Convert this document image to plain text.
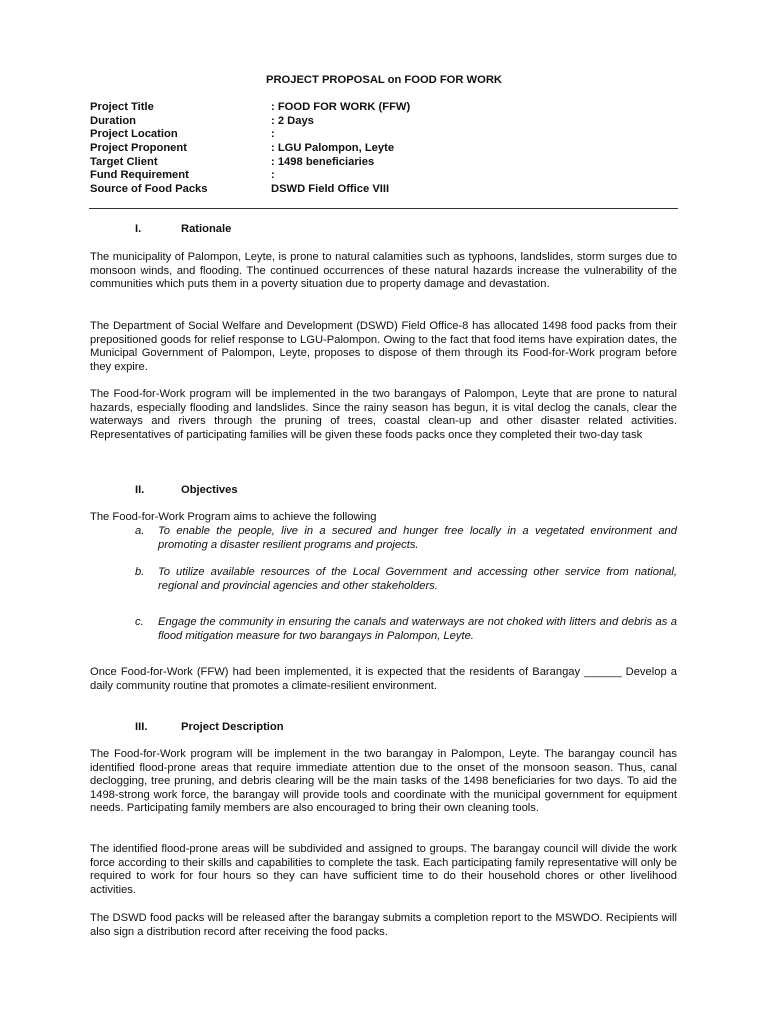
PROJECT PROPOSAL on FOOD FOR WORK
Project Title	: FOOD FOR WORK (FFW)
Duration	: 2 Days
Project Location	:
Project Proponent	: LGU Palompon, Leyte
Target Client	: 1498 beneficiaries
Fund Requirement	:
Source of Food Packs	DSWD Field Office VIII
I.	Rationale

The municipality of Palompon, Leyte, is prone to natural calamities such as typhoons, landslides, storm surges due to monsoon winds, and flooding. The continued occurrences of these natural hazards increase the vulnerability of the communities which puts them in a poverty situation due to property damage and devastation.

The Department of Social Welfare and Development (DSWD) Field Office-8 has allocated 1498 food packs from their prepositioned goods for relief response to LGU-Palompon. Owing to the fact that food items have expiration dates, the Municipal Government of Palompon, Leyte, proposes to dispose of them through its Food-for-Work program before they expire.

The Food-for-Work program will be implemented in the two barangays of Palompon, Leyte that are prone to natural hazards, especially flooding and landslides. Since the rainy season has begun, it is vital declog the canals, clear the waterways and rivers through the pruning of trees, coastal clean-up and other disaster related activities. Representatives of participating families will be given these foods packs once they completed their two-day task

II.	Objectives

The Food-for-Work Program aims to achieve the following

a.	To enable the people, live in a secured and hunger free locally in a vegetated environment and promoting a disaster resilient programs and projects.
b.	To utilize available resources of the Local Government and accessing other service from national, regional and provincial agencies and other stakeholders.
c.	Engage the community in ensuring the canals and waterways are not choked with litters and debris as a flood mitigation measure for two barangays in Palompon, Leyte.

Once Food-for-Work (FFW) had been implemented, it is expected that the residents of Barangay ______ Develop a daily community routine that promotes a climate-resilient environment.

III.	Project Description

The Food-for-Work program will be implement in the two barangay in Palompon, Leyte. The barangay council has identified flood-prone areas that require immediate attention due to the onset of the monsoon season. Thus, canal declogging, tree pruning, and debris clearing will be the main tasks of the 1498 beneficiaries for two days. To aid the 1498-strong work force, the barangay will provide tools and coordinate with the municipal government for equipment needs. Participating family members are also encouraged to bring their own cleaning tools.

The identified flood-prone areas will be subdivided and assigned to groups. The barangay council will divide the work force according to their skills and capabilities to complete the task. Each participating family representative will only be required to work for four hours so they can have sufficient time to do their household chores or other livelihood activities.

The DSWD food packs will be released after the barangay submits a completion report to the MSWDO. Recipients will also sign a distribution record after receiving the food packs.
